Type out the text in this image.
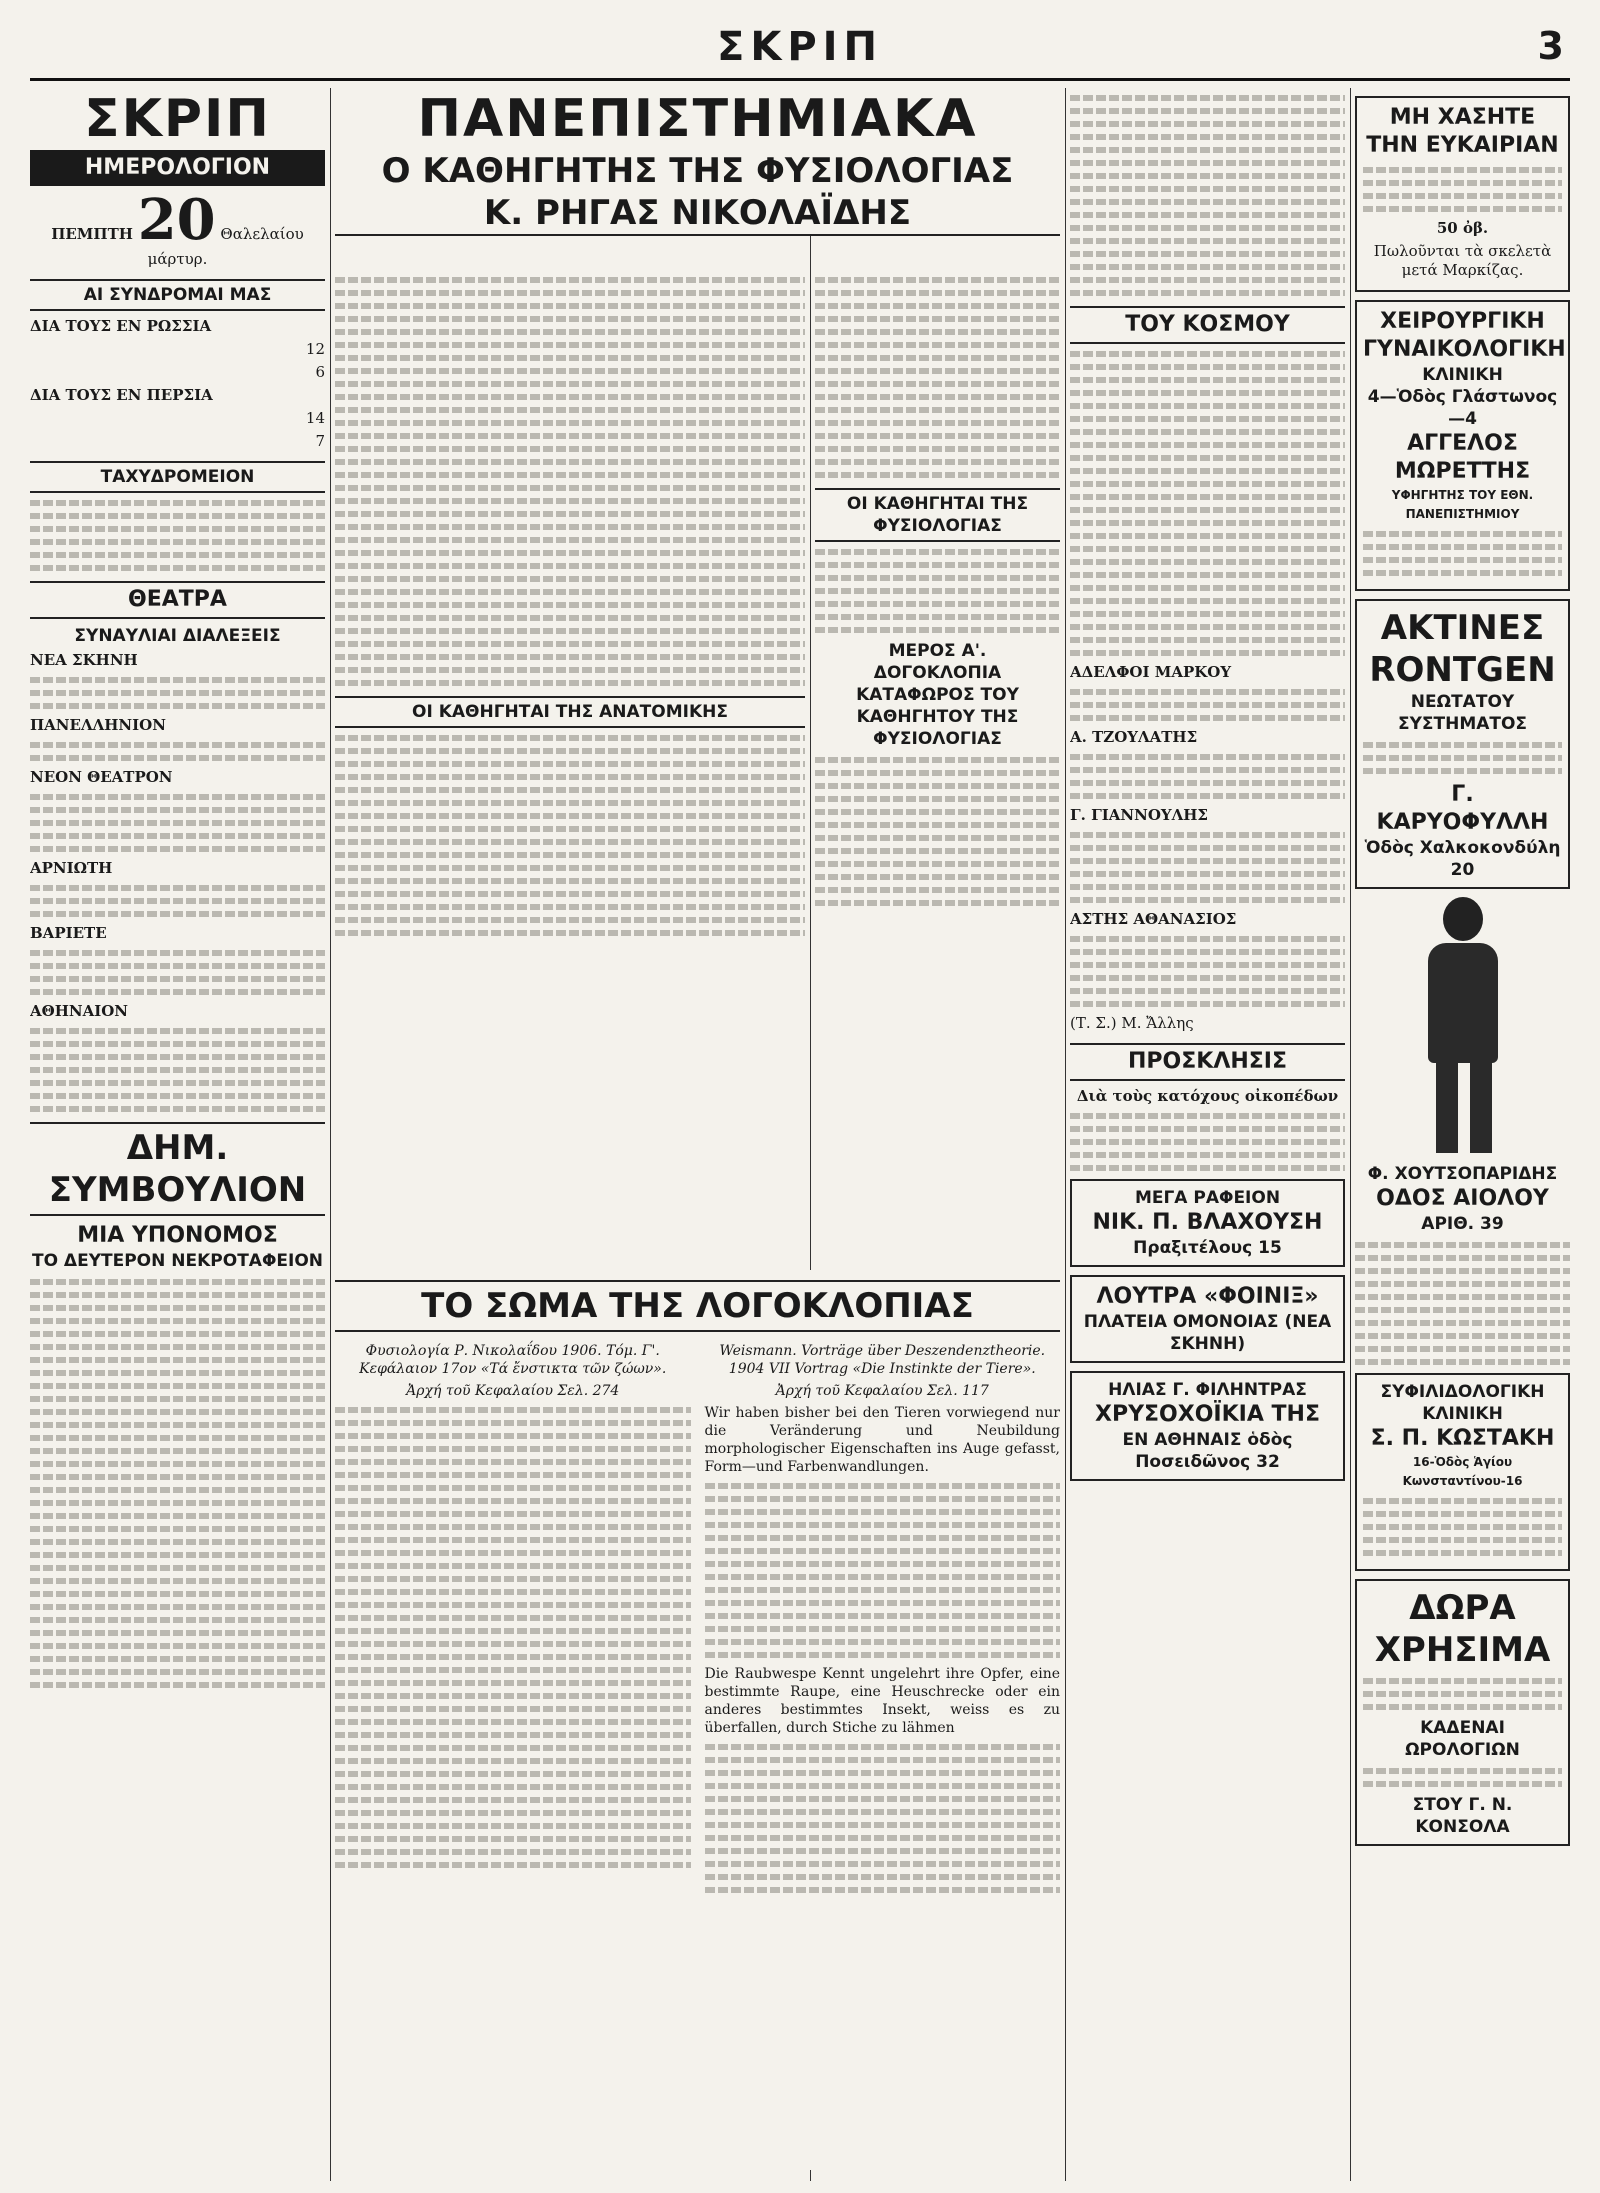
ΣΚΡΙΠ	3
ΣΚΡΙΠ
ΗΜΕΡΟΛΟΓΙΟΝ
ΠΕΜΠΤΗ 20 Θαλελαίου μάρτυρ.
ΑΙ ΣΥΝΔΡΟΜΑΙ ΜΑΣ
ΔΙΑ ΤΟΥΣ ΕΝ ΡΩΣΣΙΑ
12
6
ΔΙΑ ΤΟΥΣ ΕΝ ΠΕΡΣΙΑ
14
7
ΤΑΧΥΔΡΟΜΕΙΟΝ
ΘΕΑΤΡΑ
ΣΥΝΑΥΛΙΑΙ ΔΙΑΛΕΞΕΙΣ
ΝΕΑ ΣΚΗΝΗ
ΠΑΝΕΛΛΗΝΙΟΝ
ΝΕΟΝ ΘΕΑΤΡΟΝ
ΑΡΝΙΩΤΗ
ΒΑΡΙΕΤΕ
ΑΘΗΝΑΙΟΝ
ΔΗΜ. ΣΥΜΒΟΥΛΙΟΝ
ΜΙΑ ΥΠΟΝΟΜΟΣ
ΤΟ ΔΕΥΤΕΡΟΝ ΝΕΚΡΟΤΑΦΕΙΟΝ
ΠΑΝΕΠΙΣΤΗΜΙΑΚΑ
Ο ΚΑΘΗΓΗΤΗΣ ΤΗΣ ΦΥΣΙΟΛΟΓΙΑΣ
Κ. ΡΗΓΑΣ ΝΙΚΟΛΑΪΔΗΣ
ΟΙ ΚΑΘΗΓΗΤΑΙ ΤΗΣ ΑΝΑΤΟΜΙΚΗΣ
ΟΙ ΚΑΘΗΓΗΤΑΙ ΤΗΣ ΦΥΣΙΟΛΟΓΙΑΣ
ΜΕΡΟΣ Α'.
ΔΟΓΟΚΛΟΠΙΑ ΚΑΤΑΦΩΡΟΣ ΤΟΥ ΚΑΘΗΓΗΤΟΥ ΤΗΣ ΦΥΣΙΟΛΟΓΙΑΣ
ΤΟ ΣΩΜΑ ΤΗΣ ΛΟΓΟΚΛΟΠΙΑΣ
Φυσιολογία Ρ. Νικολαΐδου 1906. Τόμ. Γ'. Κεφάλαιον 17ον «Τά ἔνστικτα τῶν ζώων».
Ἀρχή τοῦ Κεφαλαίου Σελ. 274
Weismann. Vorträge über Deszendenztheorie. 1904 VII Vortrag «Die Instinkte der Tiere».
Ἀρχή τοῦ Κεφαλαίου Σελ. 117
Wir haben bisher bei den Tieren vorwiegend nur die Veränderung und Neubildung morphologischer Eigenschaften ins Auge gefasst, Form—und Farbenwandlungen.
Die Raubwespe Kennt ungelehrt ihre Opfer, eine bestimmte Raupe, eine Heuschrecke oder ein anderes bestimmtes Insekt, weiss es zu überfallen, durch Stiche zu lähmen
ΤΟΥ ΚΟΣΜΟΥ
ΑΔΕΛΦΟΙ ΜΑΡΚΟΥ
Α. ΤΖΟΥΛΑΤΗΣ
Γ. ΓΙΑΝΝΟΥΛΗΣ
ΑΣΤΗΣ ΑΘΑΝΑΣΙΟΣ
(Τ. Σ.) Μ. Ἄλλης
ΠΡΟΣΚΛΗΣΙΣ
Διὰ τοὺς κατόχους οἰκοπέδων
ΜΕΓΑ ΡΑΦΕΙΟΝ
ΝΙΚ. Π. ΒΛΑΧΟΥΣΗ
Πραξιτέλους 15
ΛΟΥΤΡΑ «ΦΟΙΝΙΞ»
ΠΛΑΤΕΙΑ ΟΜΟΝΟΙΑΣ (ΝΕΑ ΣΚΗΝΗ)
ΗΛΙΑΣ Γ. ΦΙΛΗΝΤΡΑΣ
ΧΡΥΣΟΧΟΪΚΙΑ ΤΗΣ
ΕΝ ΑΘΗΝΑΙΣ ὁδὸς Ποσειδῶνος 32
ΜΗ ΧΑΣΗΤΕ ΤΗΝ ΕΥΚΑΙΡΙΑΝ
50 ὀβ.
Πωλοῦνται τὰ σκελετὰ μετά Μαρκίζας.
ΧΕΙΡΟΥΡΓΙΚΗ ΓΥΝΑΙΚΟΛΟΓΙΚΗ
ΚΛΙΝΙΚΗ
4—Ὁδὸς Γλάστωνος—4
ΑΓΓΕΛΟΣ ΜΩΡΕΤΤΗΣ
ΥΦΗΓΗΤΗΣ ΤΟΥ ΕΘΝ. ΠΑΝΕΠΙΣΤΗΜΙΟΥ
ΑΚΤΙΝΕΣ
RONTGEN
ΝΕΩΤΑΤΟΥ ΣΥΣΤΗΜΑΤΟΣ
Γ. ΚΑΡΥΟΦΥΛΛΗ
Ὁδὸς Χαλκοκονδύλη 20
Φ. ΧΟΥΤΣΟΠΑΡΙΔΗΣ
ΟΔΟΣ ΑΙΟΛΟΥ
ΑΡΙΘ. 39
ΣΥΦΙΛΙΔΟΛΟΓΙΚΗ
ΚΛΙΝΙΚΗ
Σ. Π. ΚΩΣΤΑΚΗ
16-Ὁδὸς Ἁγίου Κωνσταντίνου-16
ΔΩΡΑ ΧΡΗΣΙΜΑ
ΚΑΔΕΝΑΙ ΩΡΟΛΟΓΙΩΝ
ΣΤΟΥ Γ. Ν. ΚΟΝΣΟΛΑ
